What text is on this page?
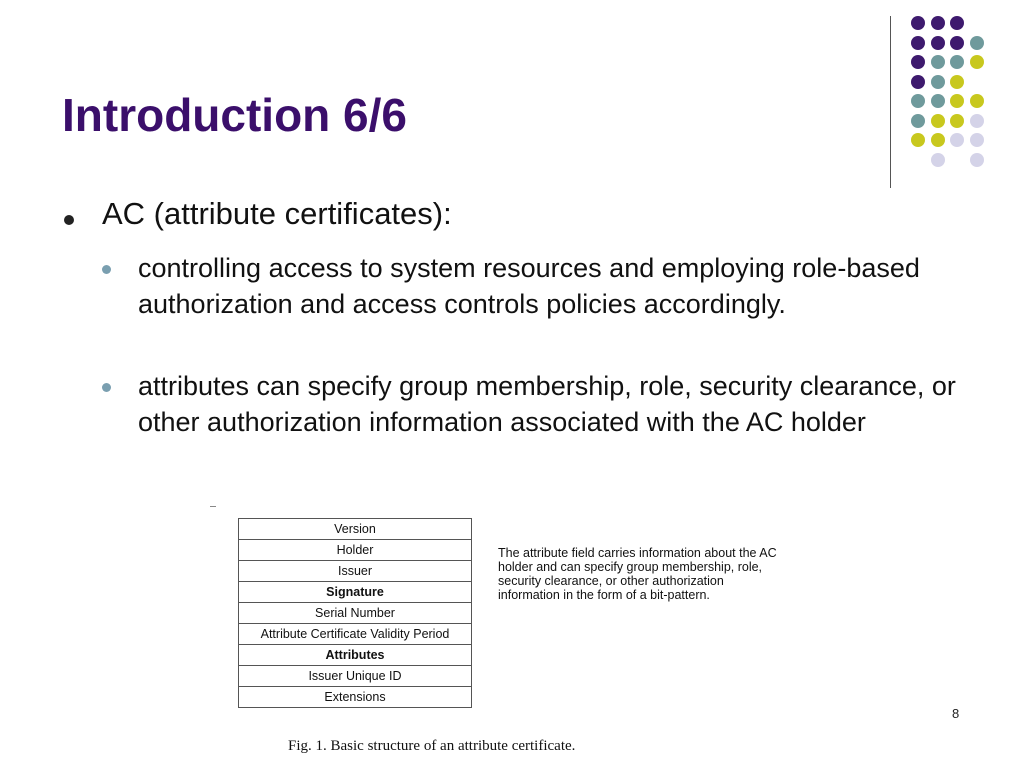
Introduction 6/6
AC (attribute certificates):
controlling access to system resources and employing role-based authorization and access controls policies accordingly.
attributes can specify group membership, role, security clearance, or other authorization information associated with the AC holder
Version
Holder
Issuer
Signature
Serial Number
Attribute Certificate Validity Period
Attributes
Issuer Unique ID
Extensions
The attribute field carries information about the AC holder and can specify group membership, role, security clearance, or other authorization information in the form of a bit-pattern.
Fig. 1. Basic structure of an attribute certificate.
8
